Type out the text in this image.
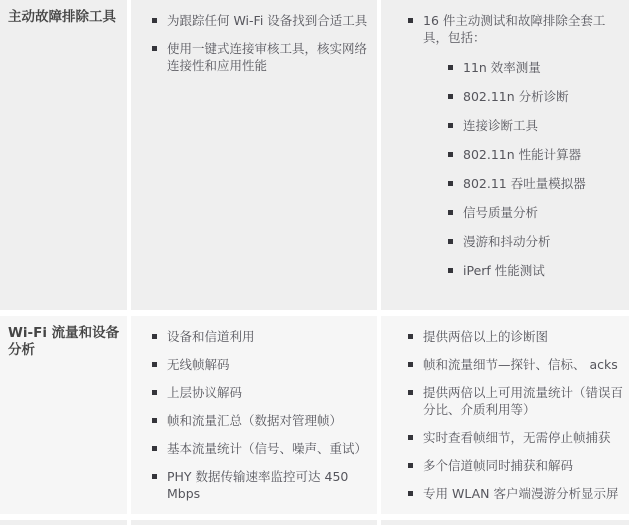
主动故障排除工具	为跟踪任何 Wi-Fi 设备找到合适工具
使用一键式连接审核工具，核实网络连接性和应用性能
16 件主动测试和故障排除全套工具，包括：
11n 效率测量
802.11n 分析诊断
连接诊断工具
802.11n 性能计算器
802.11 吞吐量模拟器
信号质量分析
漫游和抖动分析
iPerf 性能测试
Wi-Fi 流量和设备分析
设备和信道利用
无线帧解码
上层协议解码
帧和流量汇总（数据对管理帧）
基本流量统计（信号、噪声、重试）
PHY 数据传输速率监控可达 450 Mbps
提供两倍以上的诊断图
帧和流量细节—探针、信标、 acks
提供两倍以上可用流量统计（错误百分比、介质利用等）
实时查看帧细节，无需停止帧捕获
多个信道帧同时捕获和解码
专用 WLAN 客户端漫游分析显示屏
